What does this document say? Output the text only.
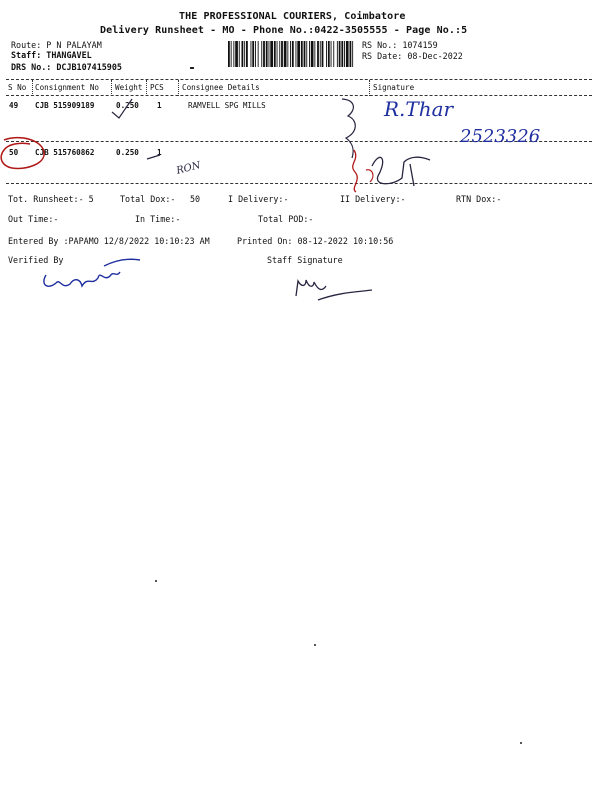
THE PROFESSIONAL COURIERS, Coimbatore
Delivery Runsheet - MO - Phone No.:0422-3505555 - Page No.:5
Route: P N PALAYAM
Staff: THANGAVEL
DRS No.: DCJB107415905
RS No.: 1074159
RS Date: 08-Dec-2022
S No Consignment No Weight PCS Consignee Details	Signature
49 CJB 515909189	0.250 1	RAMVELL SPG MILLS
50 CJB 515760862	0.250 1
Tot. Runsheet:- 5	Total Dox:- 50	I Delivery:-	II Delivery:-	RTN Dox:-
Out Time:-	In Time:-	Total POD:-
Entered By :PAPAMO 12/8/2022 10:10:23 AM	Printed On: 08-12-2022 10:10:56
Verified By	Staff Signature
R.Thar
2523326
RON
